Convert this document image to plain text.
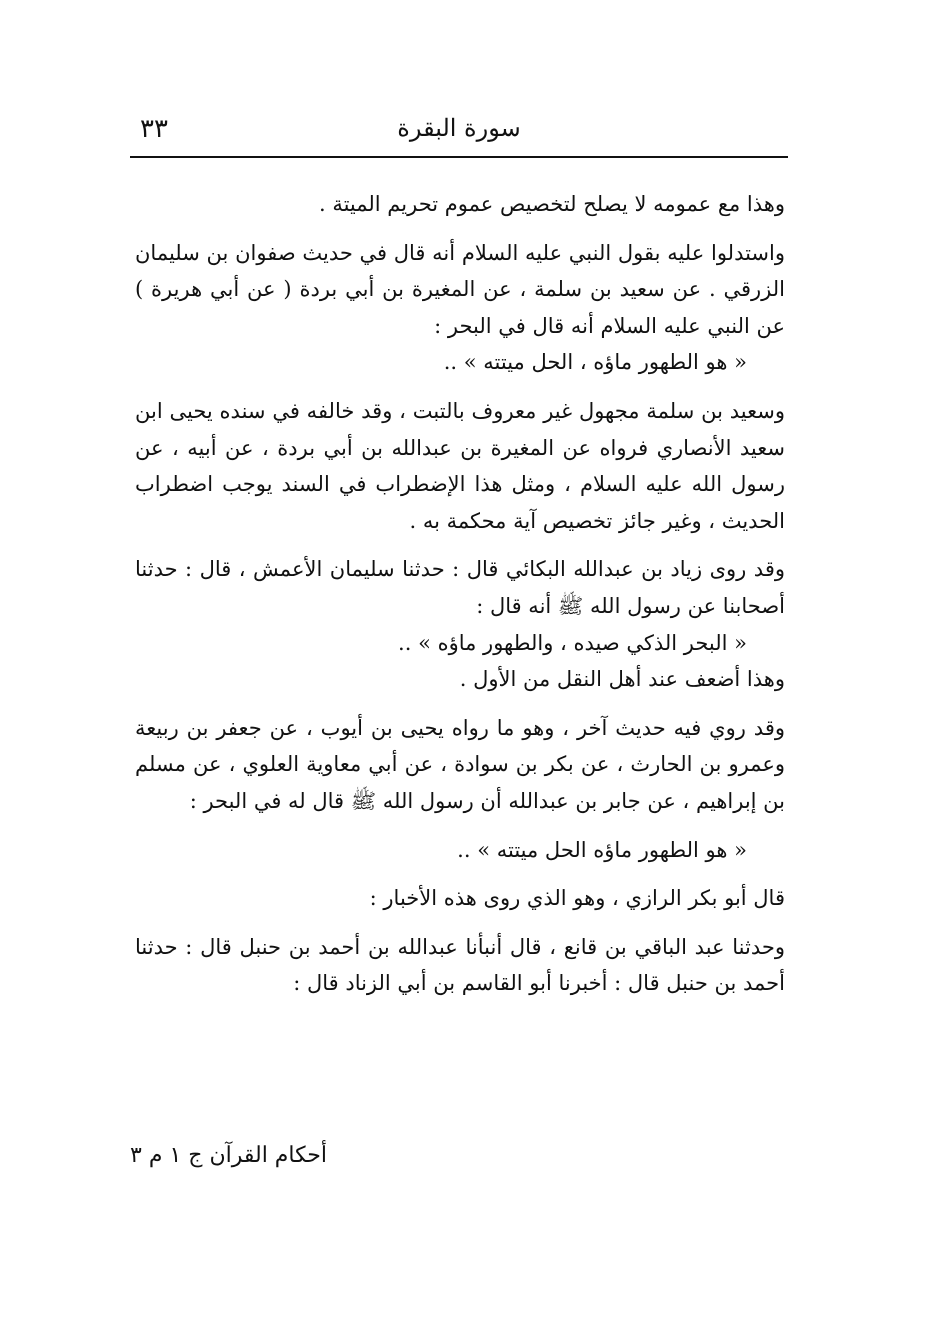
سورة البقرة
٣٣

وهذا مع عمومه لا يصلح لتخصيص عموم تحريم الميتة .

واستدلوا عليه بقول النبي عليه السلام أنه قال في حديث صفوان بن سليمان الزرقي . عن سعيد بن سلمة ، عن المغيرة بن أبي بردة ( عن أبي هريرة ) عن النبي عليه السلام أنه قال في البحر :

« هو الطهور ماؤه ، الحل ميتته » ..

وسعيد بن سلمة مجهول غير معروف بالتبت ، وقد خالفه في سنده يحيى ابن سعيد الأنصاري فرواه عن المغيرة بن عبدالله بن أبي بردة ، عن أبيه ، عن رسول الله عليه السلام ، ومثل هذا الإضطراب في السند يوجب اضطراب الحديث ، وغير جائز تخصيص آية محكمة به .

وقد روى زياد بن عبدالله البكائي قال : حدثنا سليمان الأعمش ، قال : حدثنا أصحابنا عن رسول الله ﷺ أنه قال :

« البحر الذكي صيده ، والطهور ماؤه » ..

وهذا أضعف عند أهل النقل من الأول .

وقد روي فيه حديث آخر ، وهو ما رواه يحيى بن أيوب ، عن جعفر بن ربيعة وعمرو بن الحارث ، عن بكر بن سوادة ، عن أبي معاوية العلوي ، عن مسلم بن إبراهيم ، عن جابر بن عبدالله أن رسول الله ﷺ قال له في البحر :

« هو الطهور ماؤه الحل ميتته » ..

قال أبو بكر الرازي ، وهو الذي روى هذه الأخبار :

وحدثنا عبد الباقي بن قانع ، قال أنبأنا عبدالله بن أحمد بن حنبل قال : حدثنا أحمد بن حنبل قال : أخبرنا أبو القاسم بن أبي الزناد قال :

أحكام القرآن ج ١ م ٣
